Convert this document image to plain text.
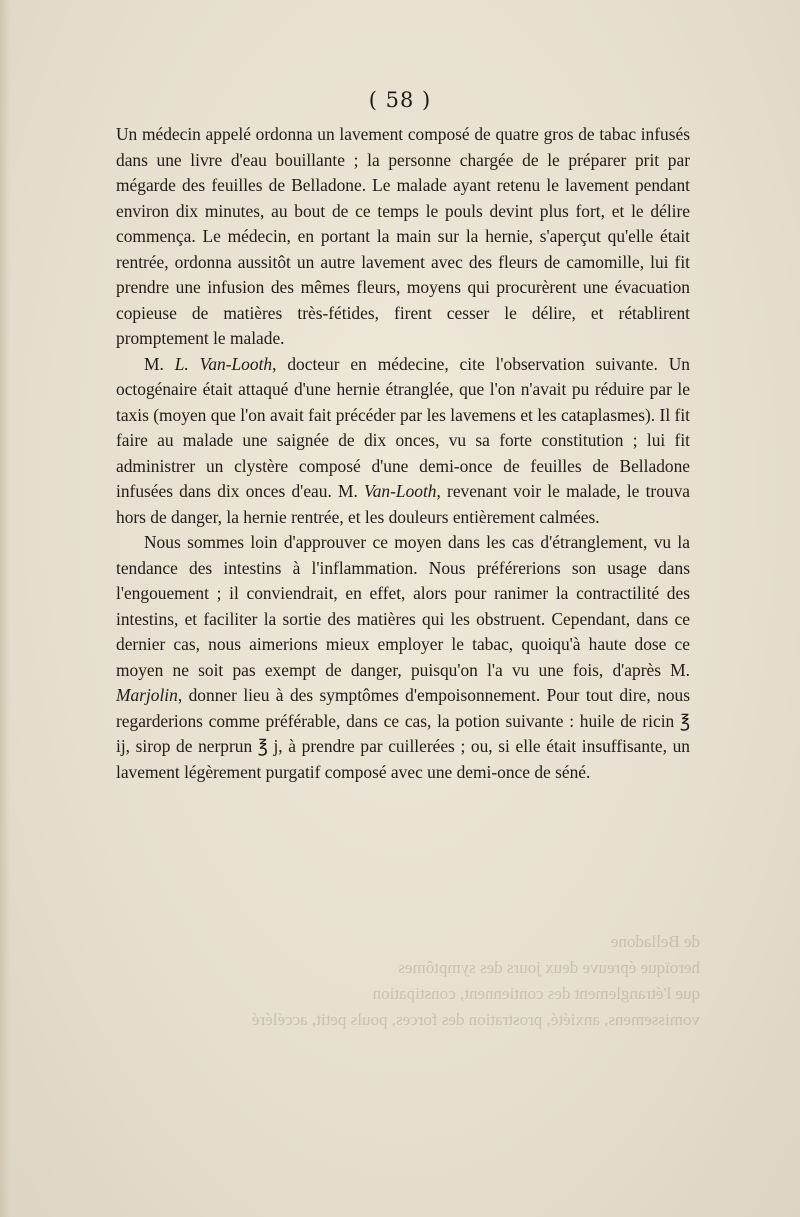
( 58 )

Un médecin appelé ordonna un lavement composé de quatre gros de tabac infusés dans une livre d'eau bouillante ; la personne chargée de le préparer prit par mégarde des feuilles de Belladone. Le malade ayant retenu le lavement pendant environ dix minutes, au bout de ce temps le pouls devint plus fort, et le délire commença. Le médecin, en portant la main sur la hernie, s'aperçut qu'elle était rentrée, ordonna aussitôt un autre lavement avec des fleurs de camomille, lui fit prendre une infusion des mêmes fleurs, moyens qui procurèrent une évacuation copieuse de matières très-fétides, firent cesser le délire, et rétablirent promptement le malade.

M. L. Van-Looth, docteur en médecine, cite l'observation suivante. Un octogénaire était attaqué d'une hernie étranglée, que l'on n'avait pu réduire par le taxis (moyen que l'on avait fait précéder par les lavemens et les cataplasmes). Il fit faire au malade une saignée de dix onces, vu sa forte constitution ; lui fit administrer un clystère composé d'une demi-once de feuilles de Belladone infusées dans dix onces d'eau. M. Van-Looth, revenant voir le malade, le trouva hors de danger, la hernie rentrée, et les douleurs entièrement calmées.

Nous sommes loin d'approuver ce moyen dans les cas d'étranglement, vu la tendance des intestins à l'inflammation. Nous préférerions son usage dans l'engouement ; il conviendrait, en effet, alors pour ranimer la contractilité des intestins, et faciliter la sortie des matières qui les obstruent. Cependant, dans ce dernier cas, nous aimerions mieux employer le tabac, quoiqu'à haute dose ce moyen ne soit pas exempt de danger, puisqu'on l'a vu une fois, d'après M. Marjolin, donner lieu à des symptômes d'empoisonnement. Pour tout dire, nous regarderions comme préférable, dans ce cas, la potion suivante : huile de ricin ℥ ij, sirop de nerprun ℥ j, à prendre par cuillerées ; ou, si elle était insuffisante, un lavement légèrement purgatif composé avec une demi-once de séné.

de Belladone
heroïque épreuve deux jours des symptômes
que l'étranglement des contiennent, constipation
vomissemens, anxiété, prostration des forces, pouls petit, accéléré
